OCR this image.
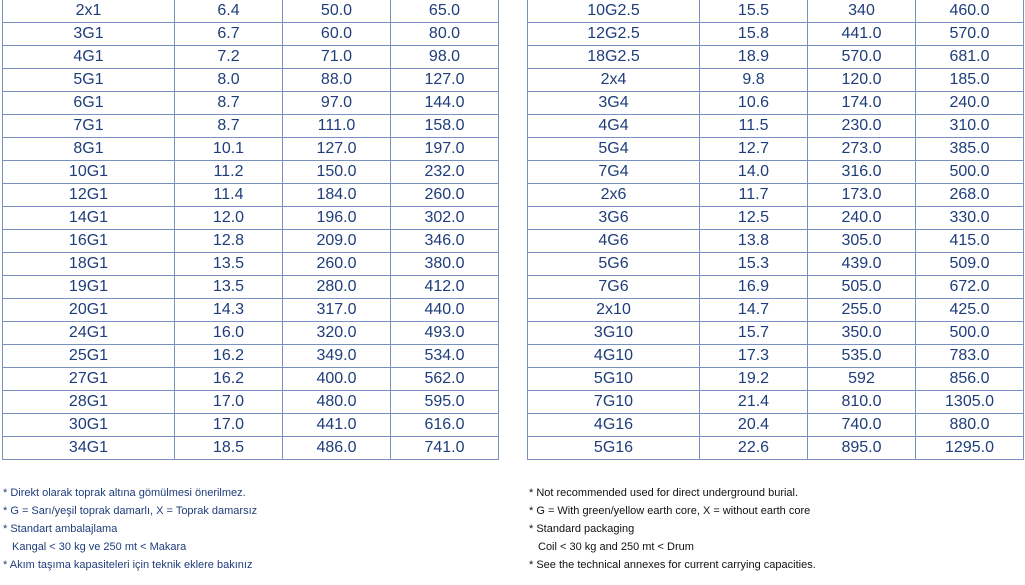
2x1	6.4	50.0	65.0
3G1	6.7	60.0	80.0
4G1	7.2	71.0	98.0
5G1	8.0	88.0	127.0
6G1	8.7	97.0	144.0
7G1	8.7	111.0	158.0
8G1	10.1	127.0	197.0
10G1	11.2	150.0	232.0
12G1	11.4	184.0	260.0
14G1	12.0	196.0	302.0
16G1	12.8	209.0	346.0
18G1	13.5	260.0	380.0
19G1	13.5	280.0	412.0
20G1	14.3	317.0	440.0
24G1	16.0	320.0	493.0
25G1	16.2	349.0	534.0
27G1	16.2	400.0	562.0
28G1	17.0	480.0	595.0
30G1	17.0	441.0	616.0
34G1	18.5	486.0	741.0
10G2.5	15.5	340	460.0
12G2.5	15.8	441.0	570.0
18G2.5	18.9	570.0	681.0
2x4	9.8	120.0	185.0
3G4	10.6	174.0	240.0
4G4	11.5	230.0	310.0
5G4	12.7	273.0	385.0
7G4	14.0	316.0	500.0
2x6	11.7	173.0	268.0
3G6	12.5	240.0	330.0
4G6	13.8	305.0	415.0
5G6	15.3	439.0	509.0
7G6	16.9	505.0	672.0
2x10	14.7	255.0	425.0
3G10	15.7	350.0	500.0
4G10	17.3	535.0	783.0
5G10	19.2	592	856.0
7G10	21.4	810.0	1305.0
4G16	20.4	740.0	880.0
5G16	22.6	895.0	1295.0
* Direkt olarak toprak altına gömülmesi önerilmez.
* G = Sarı/yeşil toprak damarlı, X = Toprak damarsız
* Standart ambalajlama
Kangal < 30 kg ve 250 mt < Makara
* Akım taşıma kapasiteleri için teknik eklere bakınız
* Not recommended used for direct underground burial.
* G = With green/yellow earth core, X = without earth core
* Standard packaging
Coil < 30 kg and 250 mt < Drum
* See the technical annexes for current carrying capacities.
